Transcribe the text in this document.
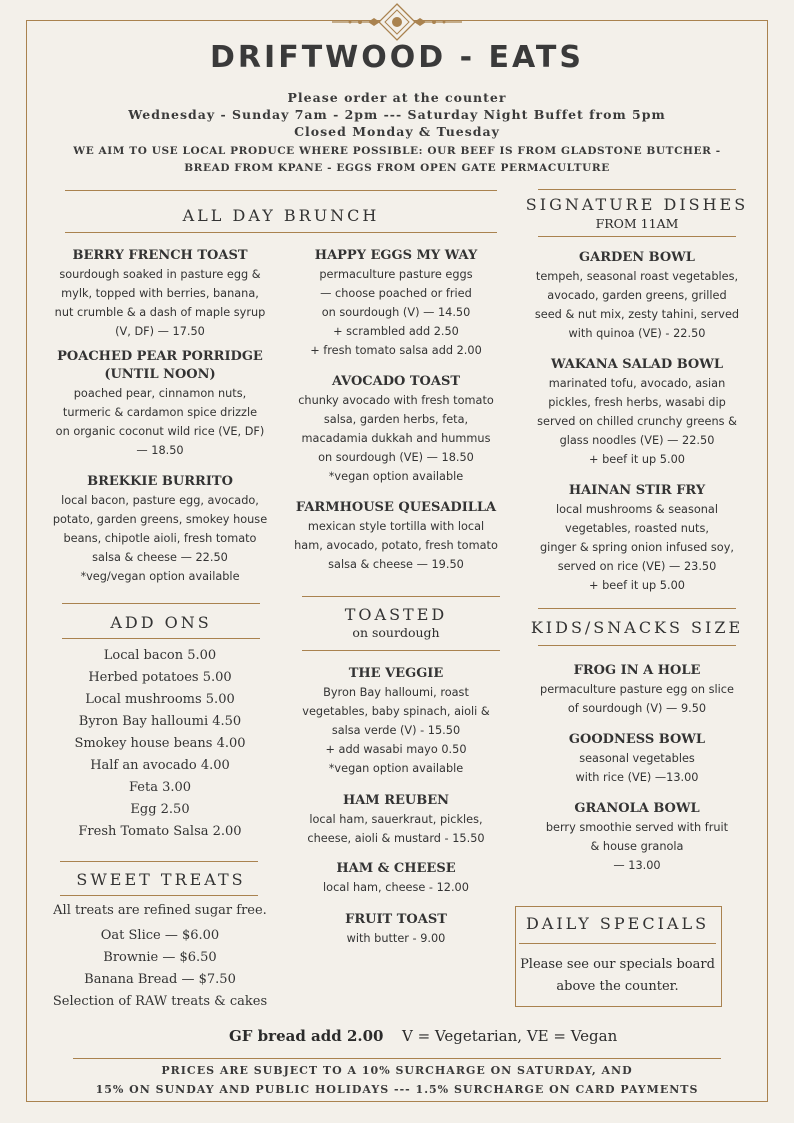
DRIFTWOOD - EATS
Please order at the counter
Wednesday - Sunday 7am - 2pm --- Saturday Night Buffet from 5pm
Closed Monday & Tuesday
WE AIM TO USE LOCAL PRODUCE WHERE POSSIBLE: OUR BEEF IS FROM GLADSTONE BUTCHER -
BREAD FROM KPANE - EGGS FROM OPEN GATE PERMACULTURE
ALL DAY BRUNCH
BERRY FRENCH TOAST
sourdough soaked in pasture egg &
mylk, topped with berries, banana,
nut crumble & a dash of maple syrup
(V, DF) — 17.50
POACHED PEAR PORRIDGE
(UNTIL NOON)
poached pear, cinnamon nuts,
turmeric & cardamon spice drizzle
on organic coconut wild rice (VE, DF)
— 18.50
BREKKIE BURRITO
local bacon, pasture egg, avocado,
potato, garden greens, smokey house
beans, chipotle aioli, fresh tomato
salsa & cheese — 22.50
*veg/vegan option available
HAPPY EGGS MY WAY
permaculture pasture eggs
— choose poached or fried
on sourdough (V) — 14.50
+ scrambled add 2.50
+ fresh tomato salsa add 2.00
AVOCADO TOAST
chunky avocado with fresh tomato
salsa, garden herbs, feta,
macadamia dukkah and hummus
on sourdough (VE) — 18.50
*vegan option available
FARMHOUSE QUESADILLA
mexican style tortilla with local
ham, avocado, potato, fresh tomato
salsa & cheese — 19.50
SIGNATURE DISHES
FROM 11AM
GARDEN BOWL
tempeh, seasonal roast vegetables,
avocado, garden greens, grilled
seed & nut mix, zesty tahini, served
with quinoa (VE) - 22.50
WAKANA SALAD BOWL
marinated tofu, avocado, asian
pickles, fresh herbs, wasabi dip
served on chilled crunchy greens &
glass noodles (VE) — 22.50
+ beef it up 5.00
HAINAN STIR FRY
local mushrooms & seasonal
vegetables, roasted nuts,
ginger & spring onion infused soy,
served on rice (VE) — 23.50
+ beef it up 5.00
ADD ONS
Local bacon 5.00
Herbed potatoes 5.00
Local mushrooms 5.00
Byron Bay halloumi 4.50
Smokey house beans 4.00
Half an avocado 4.00
Feta 3.00
Egg 2.50
Fresh Tomato Salsa 2.00
TOASTED
on sourdough
THE VEGGIE
Byron Bay halloumi, roast
vegetables, baby spinach, aioli &
salsa verde (V) - 15.50
+ add wasabi mayo 0.50
*vegan option available
HAM REUBEN
local ham, sauerkraut, pickles,
cheese, aioli & mustard - 15.50
HAM & CHEESE
local ham, cheese - 12.00
FRUIT TOAST
with butter - 9.00
KIDS/SNACKS SIZE
FROG IN A HOLE
permaculture pasture egg on slice
of sourdough (V) — 9.50
GOODNESS BOWL
seasonal vegetables
with rice (VE) —13.00
GRANOLA BOWL
berry smoothie served with fruit
& house granola
— 13.00
SWEET TREATS
All treats are refined sugar free.
Oat Slice — $6.00
Brownie — $6.50
Banana Bread — $7.50
Selection of RAW treats & cakes
DAILY SPECIALS
Please see our specials board
above the counter.
GF bread add 2.00 V = Vegetarian, VE = Vegan
PRICES ARE SUBJECT TO A 10% SURCHARGE ON SATURDAY, AND
15% ON SUNDAY AND PUBLIC HOLIDAYS --- 1.5% SURCHARGE ON CARD PAYMENTS
